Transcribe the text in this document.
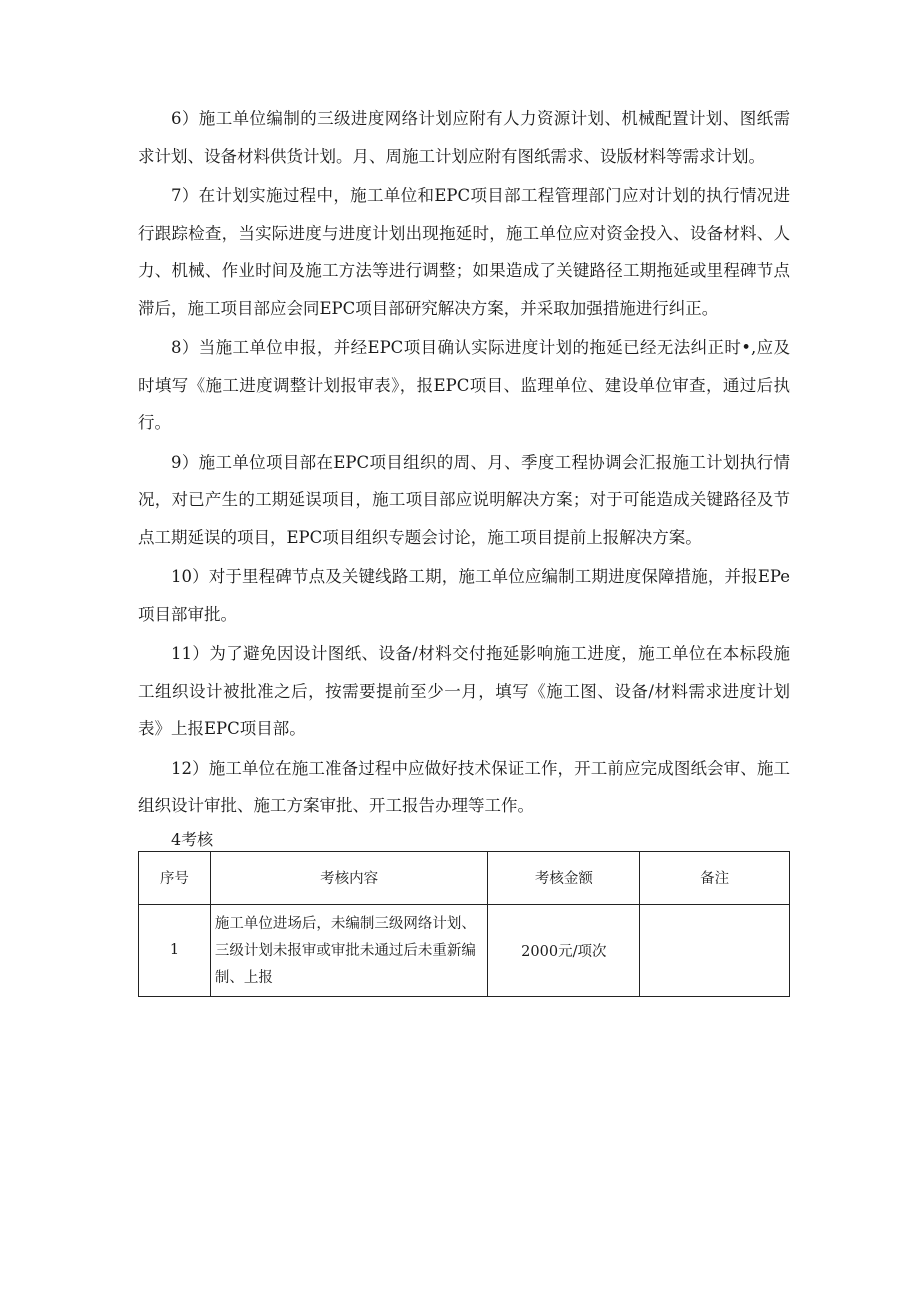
6）施工单位编制的三级进度网络计划应附有人力资源计划、机械配置计划、图纸需求计划、设备材料供货计划。月、周施工计划应附有图纸需求、设版材料等需求计划。

7）在计划实施过程中，施工单位和EPC项目部工程管理部门应对计划的执行情况进行跟踪检查，当实际进度与进度计划出现拖延时，施工单位应对资金投入、设备材料、人力、机械、作业时间及施工方法等进行调整；如果造成了关键路径工期拖延或里程碑节点滞后，施工项目部应会同EPC项目部研究解决方案，并采取加强措施进行纠正。

8）当施工单位申报，并经EPC项目确认实际进度计划的拖延已经无法纠正时•,应及时填写《施工进度调整计划报审表》，报EPC项目、监理单位、建设单位审查，通过后执行。

9）施工单位项目部在EPC项目组织的周、月、季度工程协调会汇报施工计划执行情况，对已产生的工期延误项目，施工项目部应说明解决方案；对于可能造成关键路径及节点工期延误的项目，EPC项目组织专题会讨论，施工项目提前上报解决方案。

10）对于里程碑节点及关键线路工期，施工单位应编制工期进度保障措施，并报EPe项目部审批。

11）为了避免因设计图纸、设备/材料交付拖延影响施工进度，施工单位在本标段施工组织设计被批准之后，按需要提前至少一月，填写《施工图、设备/材料需求进度计划表》上报EPC项目部。

12）施工单位在施工准备过程中应做好技术保证工作，开工前应完成图纸会审、施工组织设计审批、施工方案审批、开工报告办理等工作。

4考核
序号	考核内容	考核金额	备注
1	施工单位进场后，未编制三级网络计划、三级计划未报审或审批未通过后未重新编制、上报	2000元/项次	
